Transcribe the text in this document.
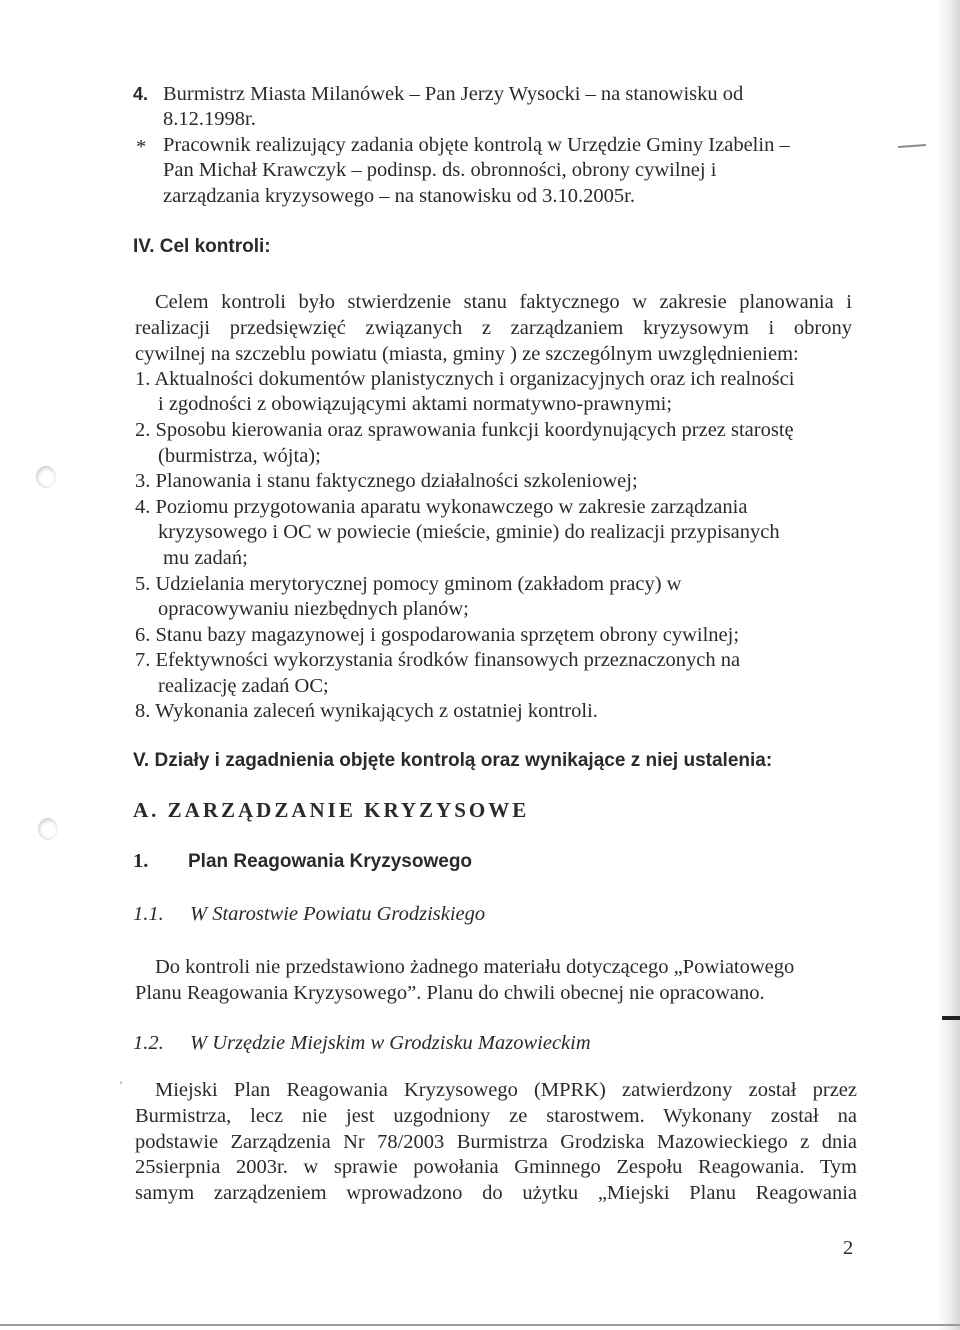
'
4. Burmistrz Miasta Milanówek – Pan Jerzy Wysocki – na stanowisku od
8.12.1998r.
* Pracownik realizujący zadania objęte kontrolą w Urzędzie Gminy Izabelin –
Pan Michał Krawczyk – podinsp. ds. obronności, obrony cywilnej i
zarządzania kryzysowego – na stanowisku od 3.10.2005r.
IV. Cel kontroli:
Celem kontroli było stwierdzenie stanu faktycznego w zakresie planowania i
realizacji przedsięwzięć związanych z zarządzaniem kryzysowym i obrony
cywilnej na szczeblu powiatu (miasta, gminy ) ze szczególnym uwzględnieniem:
1. Aktualności dokumentów planistycznych i organizacyjnych oraz ich realności
i zgodności z obowiązującymi aktami normatywno-prawnymi;
2. Sposobu kierowania oraz sprawowania funkcji koordynujących przez starostę
(burmistrza, wójta);
3. Planowania i stanu faktycznego działalności szkoleniowej;
4. Poziomu przygotowania aparatu wykonawczego w zakresie zarządzania
kryzysowego i OC w powiecie (mieście, gminie) do realizacji przypisanych
mu zadań;
5. Udzielania merytorycznej pomocy gminom (zakładom pracy) w
opracowywaniu niezbędnych planów;
6. Stanu bazy magazynowej i gospodarowania sprzętem obrony cywilnej;
7. Efektywności wykorzystania środków finansowych przeznaczonych na
realizację zadań OC;
8. Wykonania zaleceń wynikających z ostatniej kontroli.
V. Działy i zagadnienia objęte kontrolą oraz wynikające z niej ustalenia:
A. ZARZĄDZANIE KRYZYSOWE
1. Plan Reagowania Kryzysowego
1.1. W Starostwie Powiatu Grodziskiego
Do kontroli nie przedstawiono żadnego materiału dotyczącego „Powiatowego
Planu Reagowania Kryzysowego”. Planu do chwili obecnej nie opracowano.
1.2. W Urzędzie Miejskim w Grodzisku Mazowieckim
Miejski Plan Reagowania Kryzysowego (MPRK) zatwierdzony został przez
Burmistrza, lecz nie jest uzgodniony ze starostwem. Wykonany został na
podstawie Zarządzenia Nr 78/2003 Burmistrza Grodziska Mazowieckiego z dnia
25sierpnia 2003r. w sprawie powołania Gminnego Zespołu Reagowania. Tym
samym zarządzeniem wprowadzono do użytku „Miejski Planu Reagowania
2
